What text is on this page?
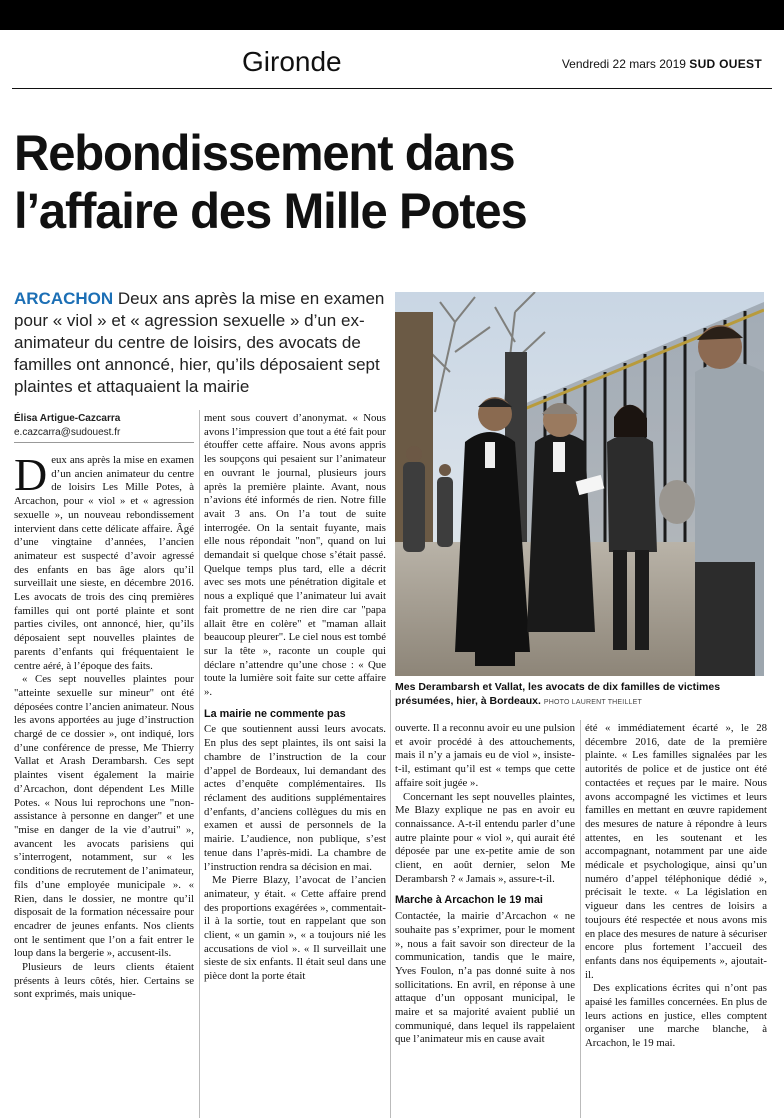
Gironde	Vendredi 22 mars 2019 SUD OUEST
Rebondissement dans
l’affaire des Mille Potes
ARCACHON Deux ans après la mise en examen pour « viol » et « agression sexuelle » d’un ex-animateur du centre de loisirs, des avocats de familles ont annoncé, hier, qu’ils déposaient sept plaintes et attaquaient la mairie
Élisa Artigue-Cazcarra
e.cazcarra@sudouest.fr
Mes Derambarsh et Vallat, les avocats de dix familles de victimes présumées, hier, à Bordeaux. PHOTO LAURENT THEILLET
D eux ans après la mise en examen d’un ancien animateur du centre de loisirs Les Mille Potes, à Arcachon, pour « viol » et « agression sexuelle », un nouveau rebondissement intervient dans cette délicate affaire. Âgé d’une vingtaine d’années, l’ancien animateur est suspecté d’avoir agressé des enfants en bas âge alors qu’il surveillait une sieste, en décembre 2016. Les avocats de trois des cinq premières familles qui ont porté plainte et sont parties civiles, ont annoncé, hier, qu’ils déposaient sept nouvelles plaintes de parents d’enfants qui fréquentaient le centre aéré, à l’époque des faits.

« Ces sept nouvelles plaintes pour "atteinte sexuelle sur mineur" ont été déposées contre l’ancien animateur. Nous les avons apportées au juge d’instruction chargé de ce dossier », ont indiqué, lors d’une conférence de presse, Me Thierry Vallat et Arash Derambarsh. Ces sept plaintes visent également la mairie d’Arcachon, dont dépendent Les Mille Potes. « Nous lui reprochons une "non-assistance à personne en danger" et une "mise en danger de la vie d’autrui" », avancent les avocats parisiens qui s’interrogent, notamment, sur « les conditions de recrutement de l’animateur, fils d’une employée municipale ». « Rien, dans le dossier, ne montre qu’il disposait de la formation nécessaire pour encadrer de jeunes enfants. Nos clients ont le sentiment que l’on a fait entrer le loup dans la bergerie », accusent-ils.

Plusieurs de leurs clients étaient présents à leurs côtés, hier. Certains se sont exprimés, mais unique-

ment sous couvert d’anonymat. « Nous avons l’impression que tout a été fait pour étouffer cette affaire. Nous avons appris les soupçons qui pesaient sur l’animateur en ouvrant le journal, plusieurs jours après la première plainte. Avant, nous n’avions été informés de rien. Notre fille avait 3 ans. On l’a tout de suite interrogée. On la sentait fuyante, mais elle nous répondait "non", quand on lui demandait si quelque chose s’était passé. Quelque temps plus tard, elle a décrit avec ses mots une pénétration digitale et nous a expliqué que l’animateur lui avait fait promettre de ne rien dire car "papa allait être en colère" et "maman allait beaucoup pleurer". Le ciel nous est tombé sur la tête », raconte un couple qui déclare n’attendre qu’une chose : « Que toute la lumière soit faite sur cette affaire ».

La mairie ne commente pas

Ce que soutiennent aussi leurs avocats. En plus des sept plaintes, ils ont saisi la chambre de l’instruction de la cour d’appel de Bordeaux, lui demandant des actes d’enquête complémentaires. Ils réclament des auditions supplémentaires d’enfants, d’anciens collègues du mis en examen et aussi de personnels de la mairie. L’audience, non publique, s’est tenue dans l’après-midi. La chambre de l’instruction rendra sa décision en mai.

Me Pierre Blazy, l’avocat de l’ancien animateur, y était. « Cette affaire prend des proportions exagérées », commentait-il à la sortie, tout en rappelant que son client, « un gamin », « a toujours nié les accusations de viol ». « Il surveillait une sieste de six enfants. Il était seul dans une pièce dont la porte était

ouverte. Il a reconnu avoir eu une pulsion et avoir procédé à des attouchements, mais il n’y a jamais eu de viol », insiste-t-il, estimant qu’il est « temps que cette affaire soit jugée ».

Concernant les sept nouvelles plaintes, Me Blazy explique ne pas en avoir eu connaissance. A-t-il entendu parler d’une autre plainte pour « viol », qui aurait été déposée par une ex-petite amie de son client, en août dernier, selon Me Derambarsh ? « Jamais », assure-t-il.

Marche à Arcachon le 19 mai

Contactée, la mairie d’Arcachon « ne souhaite pas s’exprimer, pour le moment », nous a fait savoir son directeur de la communication, tandis que le maire, Yves Foulon, n’a pas donné suite à nos sollicitations. En avril, en réponse à une attaque d’un opposant municipal, le maire et sa majorité avaient publié un communiqué, dans lequel ils rappelaient que l’animateur mis en cause avait

été « immédiatement écarté », le 28 décembre 2016, date de la première plainte. « Les familles signalées par les autorités de police et de justice ont été contactées et reçues par le maire. Nous avons accompagné les victimes et leurs familles en mettant en œuvre rapidement des mesures de nature à répondre à leurs attentes, en les soutenant et les accompagnant, notamment par une aide médicale et psychologique, ainsi qu’un numéro d’appel téléphonique dédié », précisait le texte. « La législation en vigueur dans les centres de loisirs a toujours été respectée et nous avons mis en place des mesures de nature à sécuriser encore plus fortement l’accueil des enfants dans nos équipements », ajoutait-il.

Des explications écrites qui n’ont pas apaisé les familles concernées. En plus de leurs actions en justice, elles comptent organiser une marche blanche, à Arcachon, le 19 mai.
